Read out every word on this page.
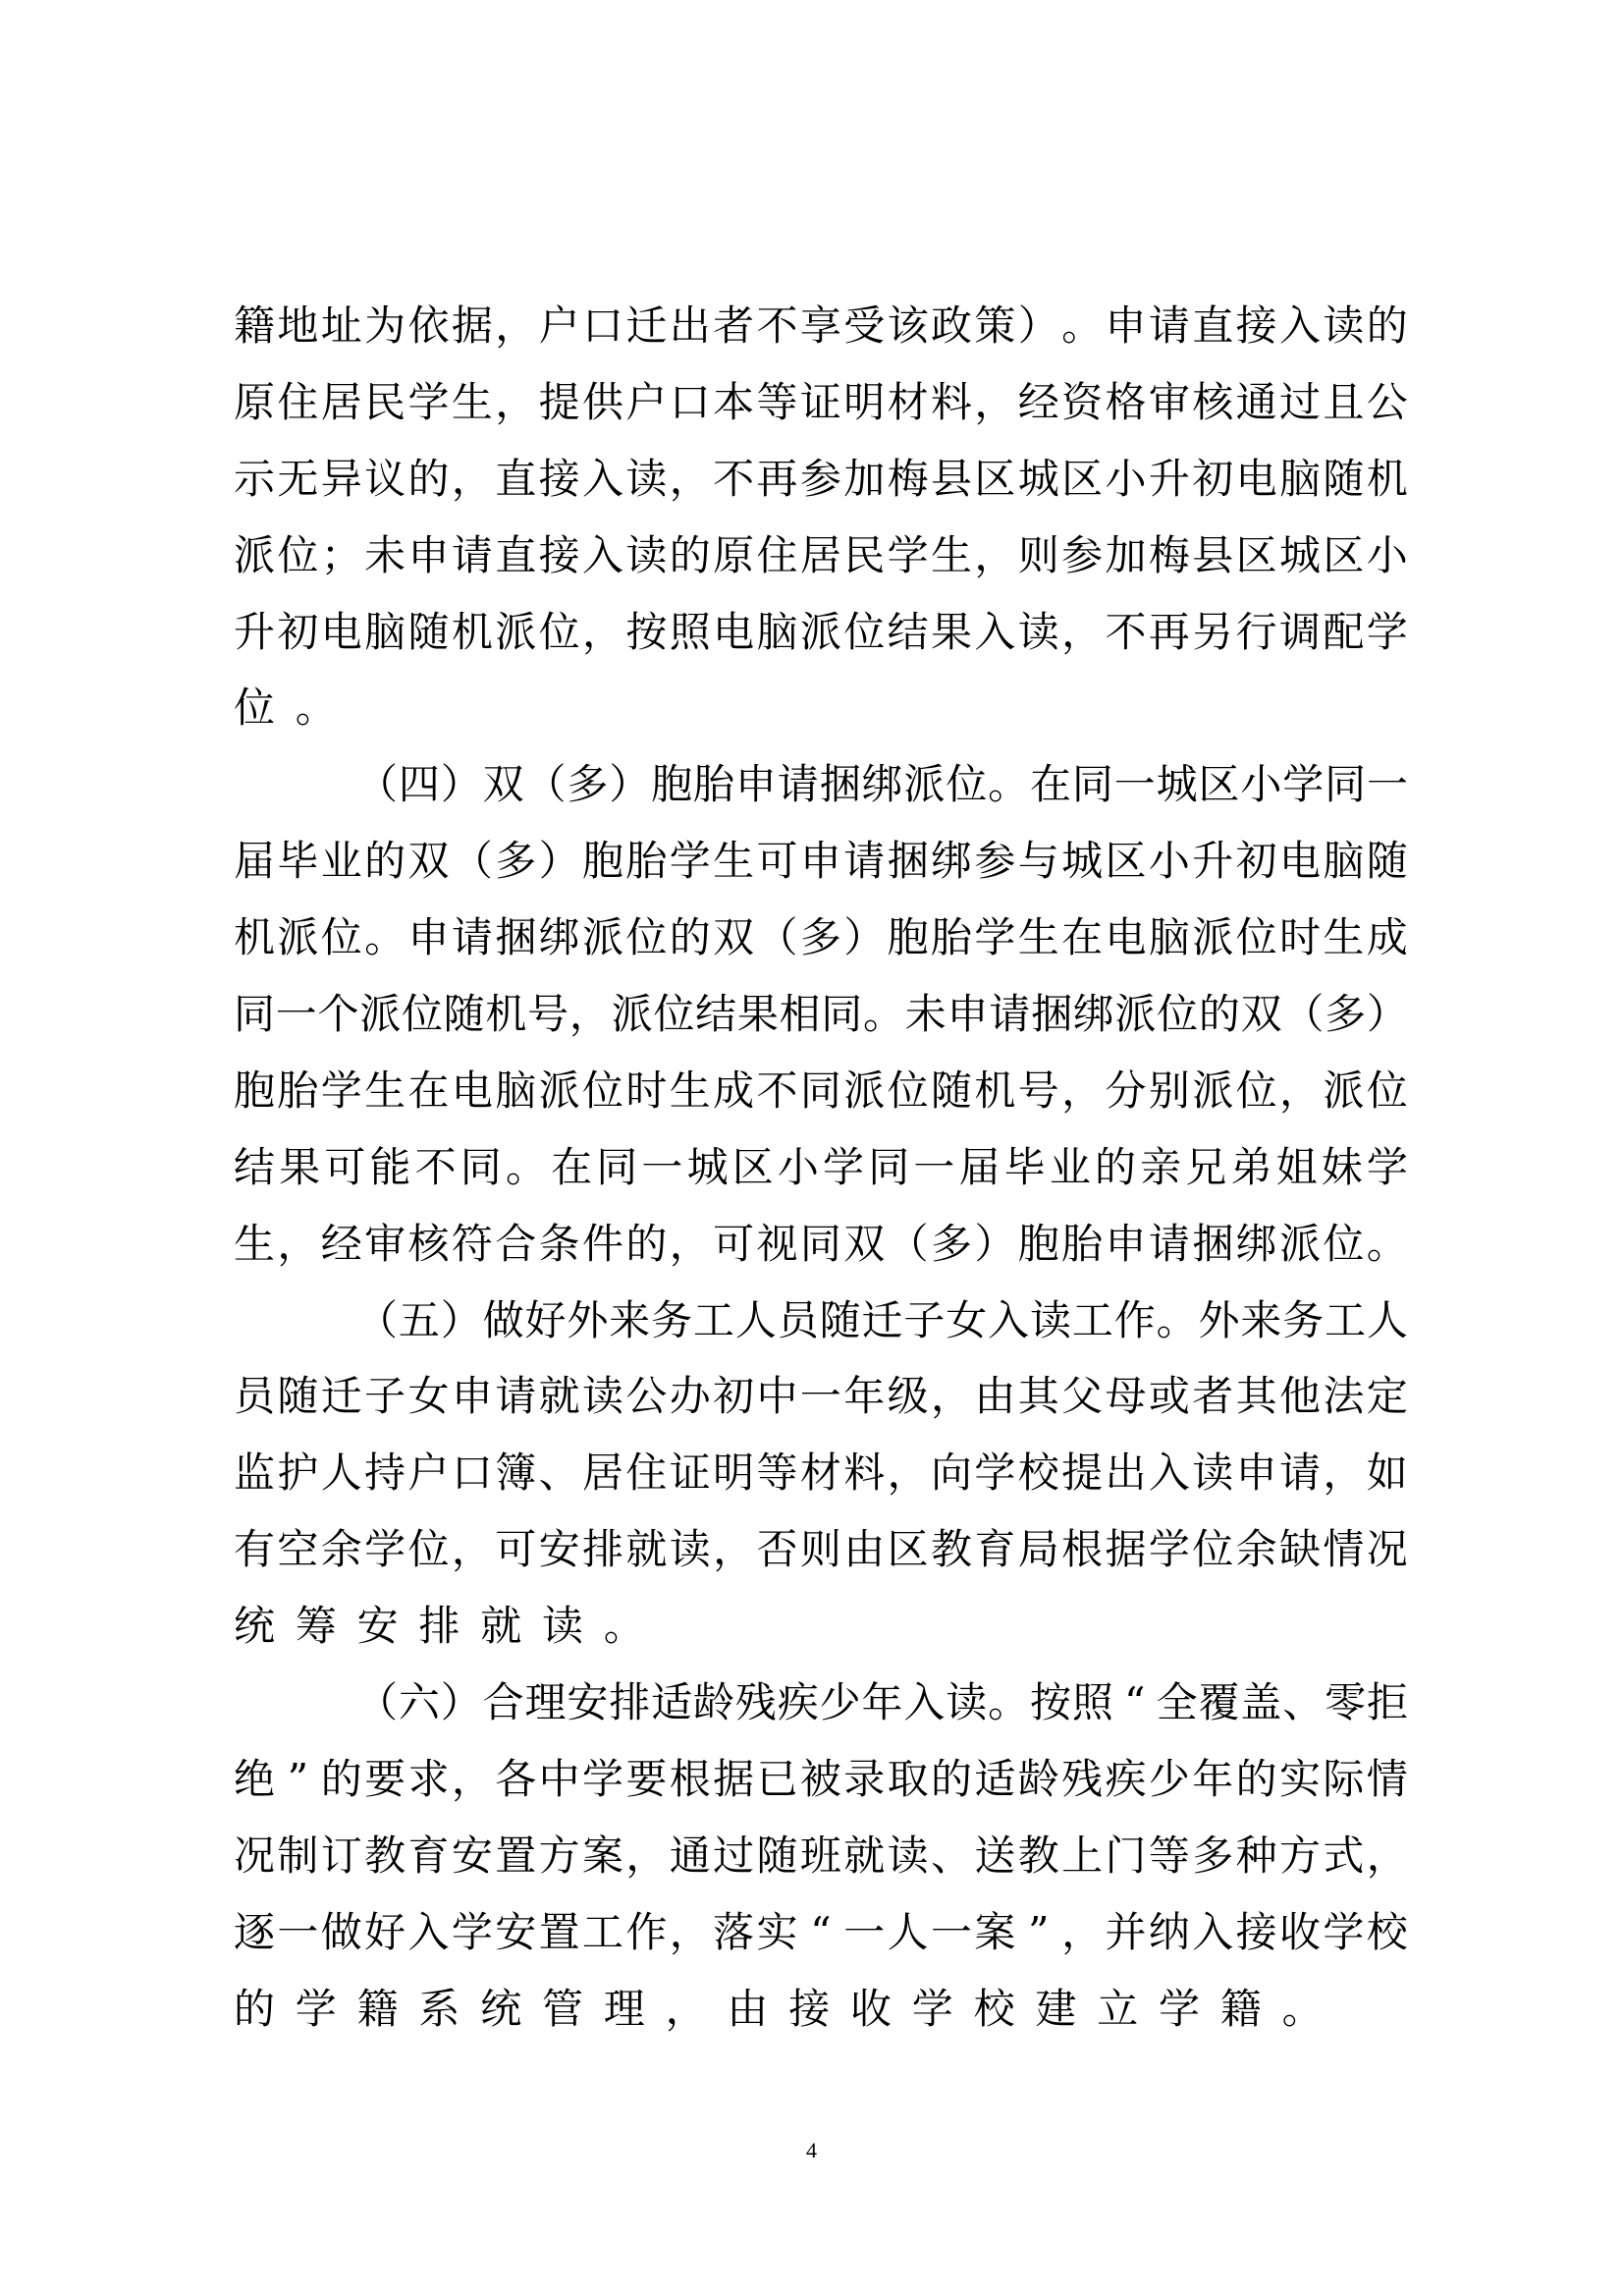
籍 地 址 为 依 据 ， 户 口 迁 出 者 不 享 受 该 政 策 ） 。 申 请 直 接 入 读 的
原 住 居 民 学 生 ， 提 供 户 口 本 等 证 明 材 料 ， 经 资 格 审 核 通 过 且 公
示 无 异 议 的 ， 直 接 入 读 ， 不 再 参 加 梅 县 区 城 区 小 升 初 电 脑 随 机
派 位 ； 未 申 请 直 接 入 读 的 原 住 居 民 学 生 ， 则 参 加 梅 县 区 城 区 小
升 初 电 脑 随 机 派 位 ， 按 照 电 脑 派 位 结 果 入 读 ， 不 再 另 行 调 配 学
位。
（ 四 ） 双 （ 多 ） 胞 胎 申 请 捆 绑 派 位 。 在 同 一 城 区 小 学 同 一
届 毕 业 的 双 （ 多 ） 胞 胎 学 生 可 申 请 捆 绑 参 与 城 区 小 升 初 电 脑 随
机 派 位 。 申 请 捆 绑 派 位 的 双 （ 多 ） 胞 胎 学 生 在 电 脑 派 位 时 生 成
同 一 个 派 位 随 机 号 ， 派 位 结 果 相 同 。 未 申 请 捆 绑 派 位 的 双 （ 多 ）
胞 胎 学 生 在 电 脑 派 位 时 生 成 不 同 派 位 随 机 号 ， 分 别 派 位 ， 派 位
结 果 可 能 不 同 。 在 同 一 城 区 小 学 同 一 届 毕 业 的 亲 兄 弟 姐 妹 学
生 ， 经 审 核 符 合 条 件 的 ， 可 视 同 双 （ 多 ） 胞 胎 申 请 捆 绑 派 位 。
（ 五 ） 做 好 外 来 务 工 人 员 随 迁 子 女 入 读 工 作 。 外 来 务 工 人
员 随 迁 子 女 申 请 就 读 公 办 初 中 一 年 级 ， 由 其 父 母 或 者 其 他 法 定
监 护 人 持 户 口 簿 、 居 住 证 明 等 材 料 ， 向 学 校 提 出 入 读 申 请 ， 如
有 空 余 学 位 ， 可 安 排 就 读 ， 否 则 由 区 教 育 局 根 据 学 位 余 缺 情 况
统筹安排就读。
（ 六 ） 合 理 安 排 适 龄 残 疾 少 年 入 读 。 按 照 “ 全 覆 盖 、 零 拒
绝 ” 的 要 求 ， 各 中 学 要 根 据 已 被 录 取 的 适 龄 残 疾 少 年 的 实 际 情
况 制 订 教 育 安 置 方 案 ， 通 过 随 班 就 读 、 送 教 上 门 等 多 种 方 式 ，
逐 一 做 好 入 学 安 置 工 作 ， 落 实 “ 一 人 一 案 ” ， 并 纳 入 接 收 学 校
的学籍系统管理，由接收学校建立学籍。
4
